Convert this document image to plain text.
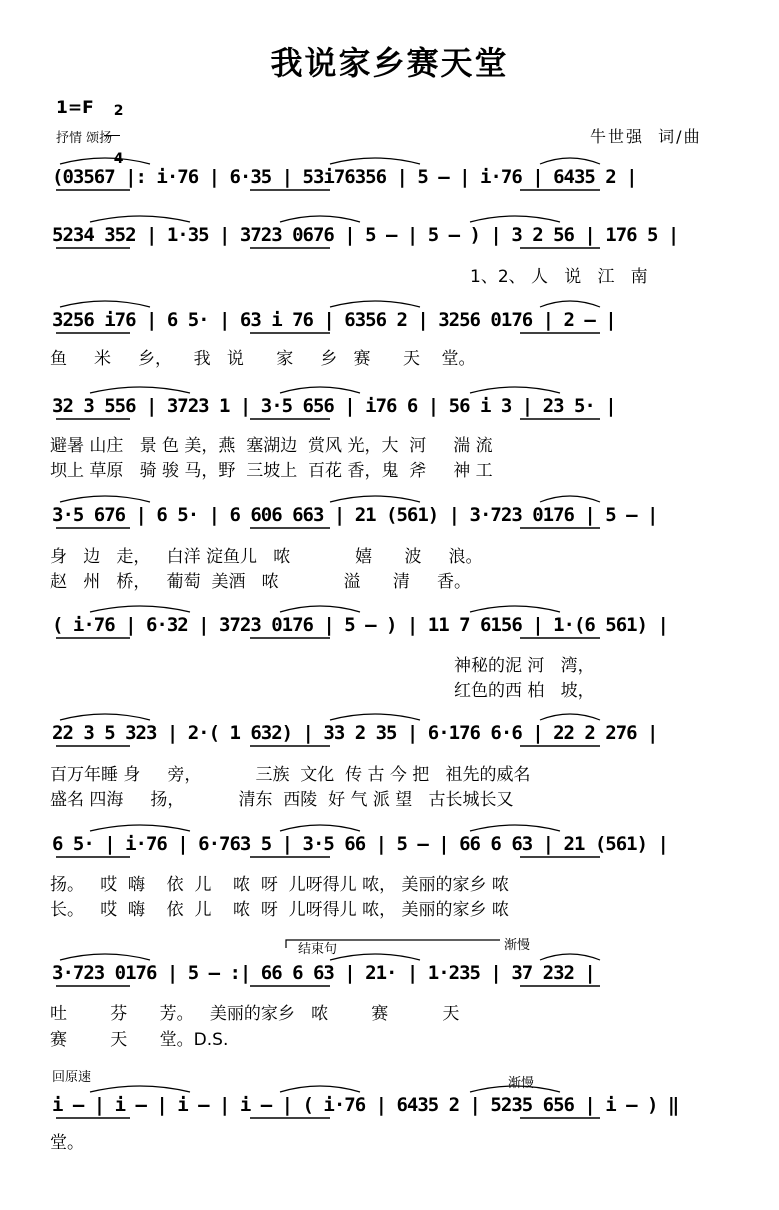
我说家乡赛天堂
1=F	2

4

抒情 颂扬	牛世强  词/曲
(03567 |: i·76 | 6·35 | 53i76356 | 5 – | i·76 | 6435 2 |
5234 352 | 1·35 | 3723 0676 | 5 – | 5 – ) | 3 2 56 | 176 5 |
1、2、 人   说   江   南
3256 i76 | 6 5· | 63 i 76 | 6356 2 | 3256 0176 | 2 – |
鱼     米     乡，    我   说      家     乡   赛      天    堂。
32 3 556 | 3723 1 | 3·5 656 | i76 6 | 56 i 3 | 23 5· |
避暑 山庄   景 色 美，燕  塞湖边  赏风 光，大  河     湍 流
坝上 草原   骑 骏 马，野  三坡上  百花 香，鬼  斧     神 工
3·5 676 | 6 5· | 6 606 663 | 21 (561) | 3·723 0176 | 5 – |
身   边   走，   白洋 淀鱼儿   哝            嬉      波     浪。
赵   州   桥，   葡萄  美酒   哝            溢      清     香。
( i·76 | 6·32 | 3723 0176 | 5 – ) | 11 7 6156 | 1·(6 561) |
神秘的泥 河   湾，
红色的西 柏   坡，
22 3 5 323 | 2·( 1 632) | 33 2 35 | 6·176 6·6 | 22 2 276 |
百万年睡 身     旁，          三族  文化  传 古 今 把   祖先的威名
盛名 四海     扬，          清东  西陵  好 气 派 望   古长城长又
6 5· | i·76 | 6·763 5 | 3·5 66 | 5 – | 66 6 63 | 21 (561) |
扬。   哎  嗨    依  儿    哝  呀  儿呀得儿 哝， 美丽的家乡 哝
长。   哎  嗨    依  儿    哝  呀  儿呀得儿 哝， 美丽的家乡 哝
结束句	渐慢
3·723 0176 | 5 – :| 66 6 63 | 21· | 1·235 | 37 232 |
吐        芬      芳。   美丽的家乡   哝        赛          天
赛        天      堂。D.S.
回原速	渐慢
i – | i – | i – | i – | ( i·76 | 6435 2 | 5235 656 | i – ) ‖
堂。
